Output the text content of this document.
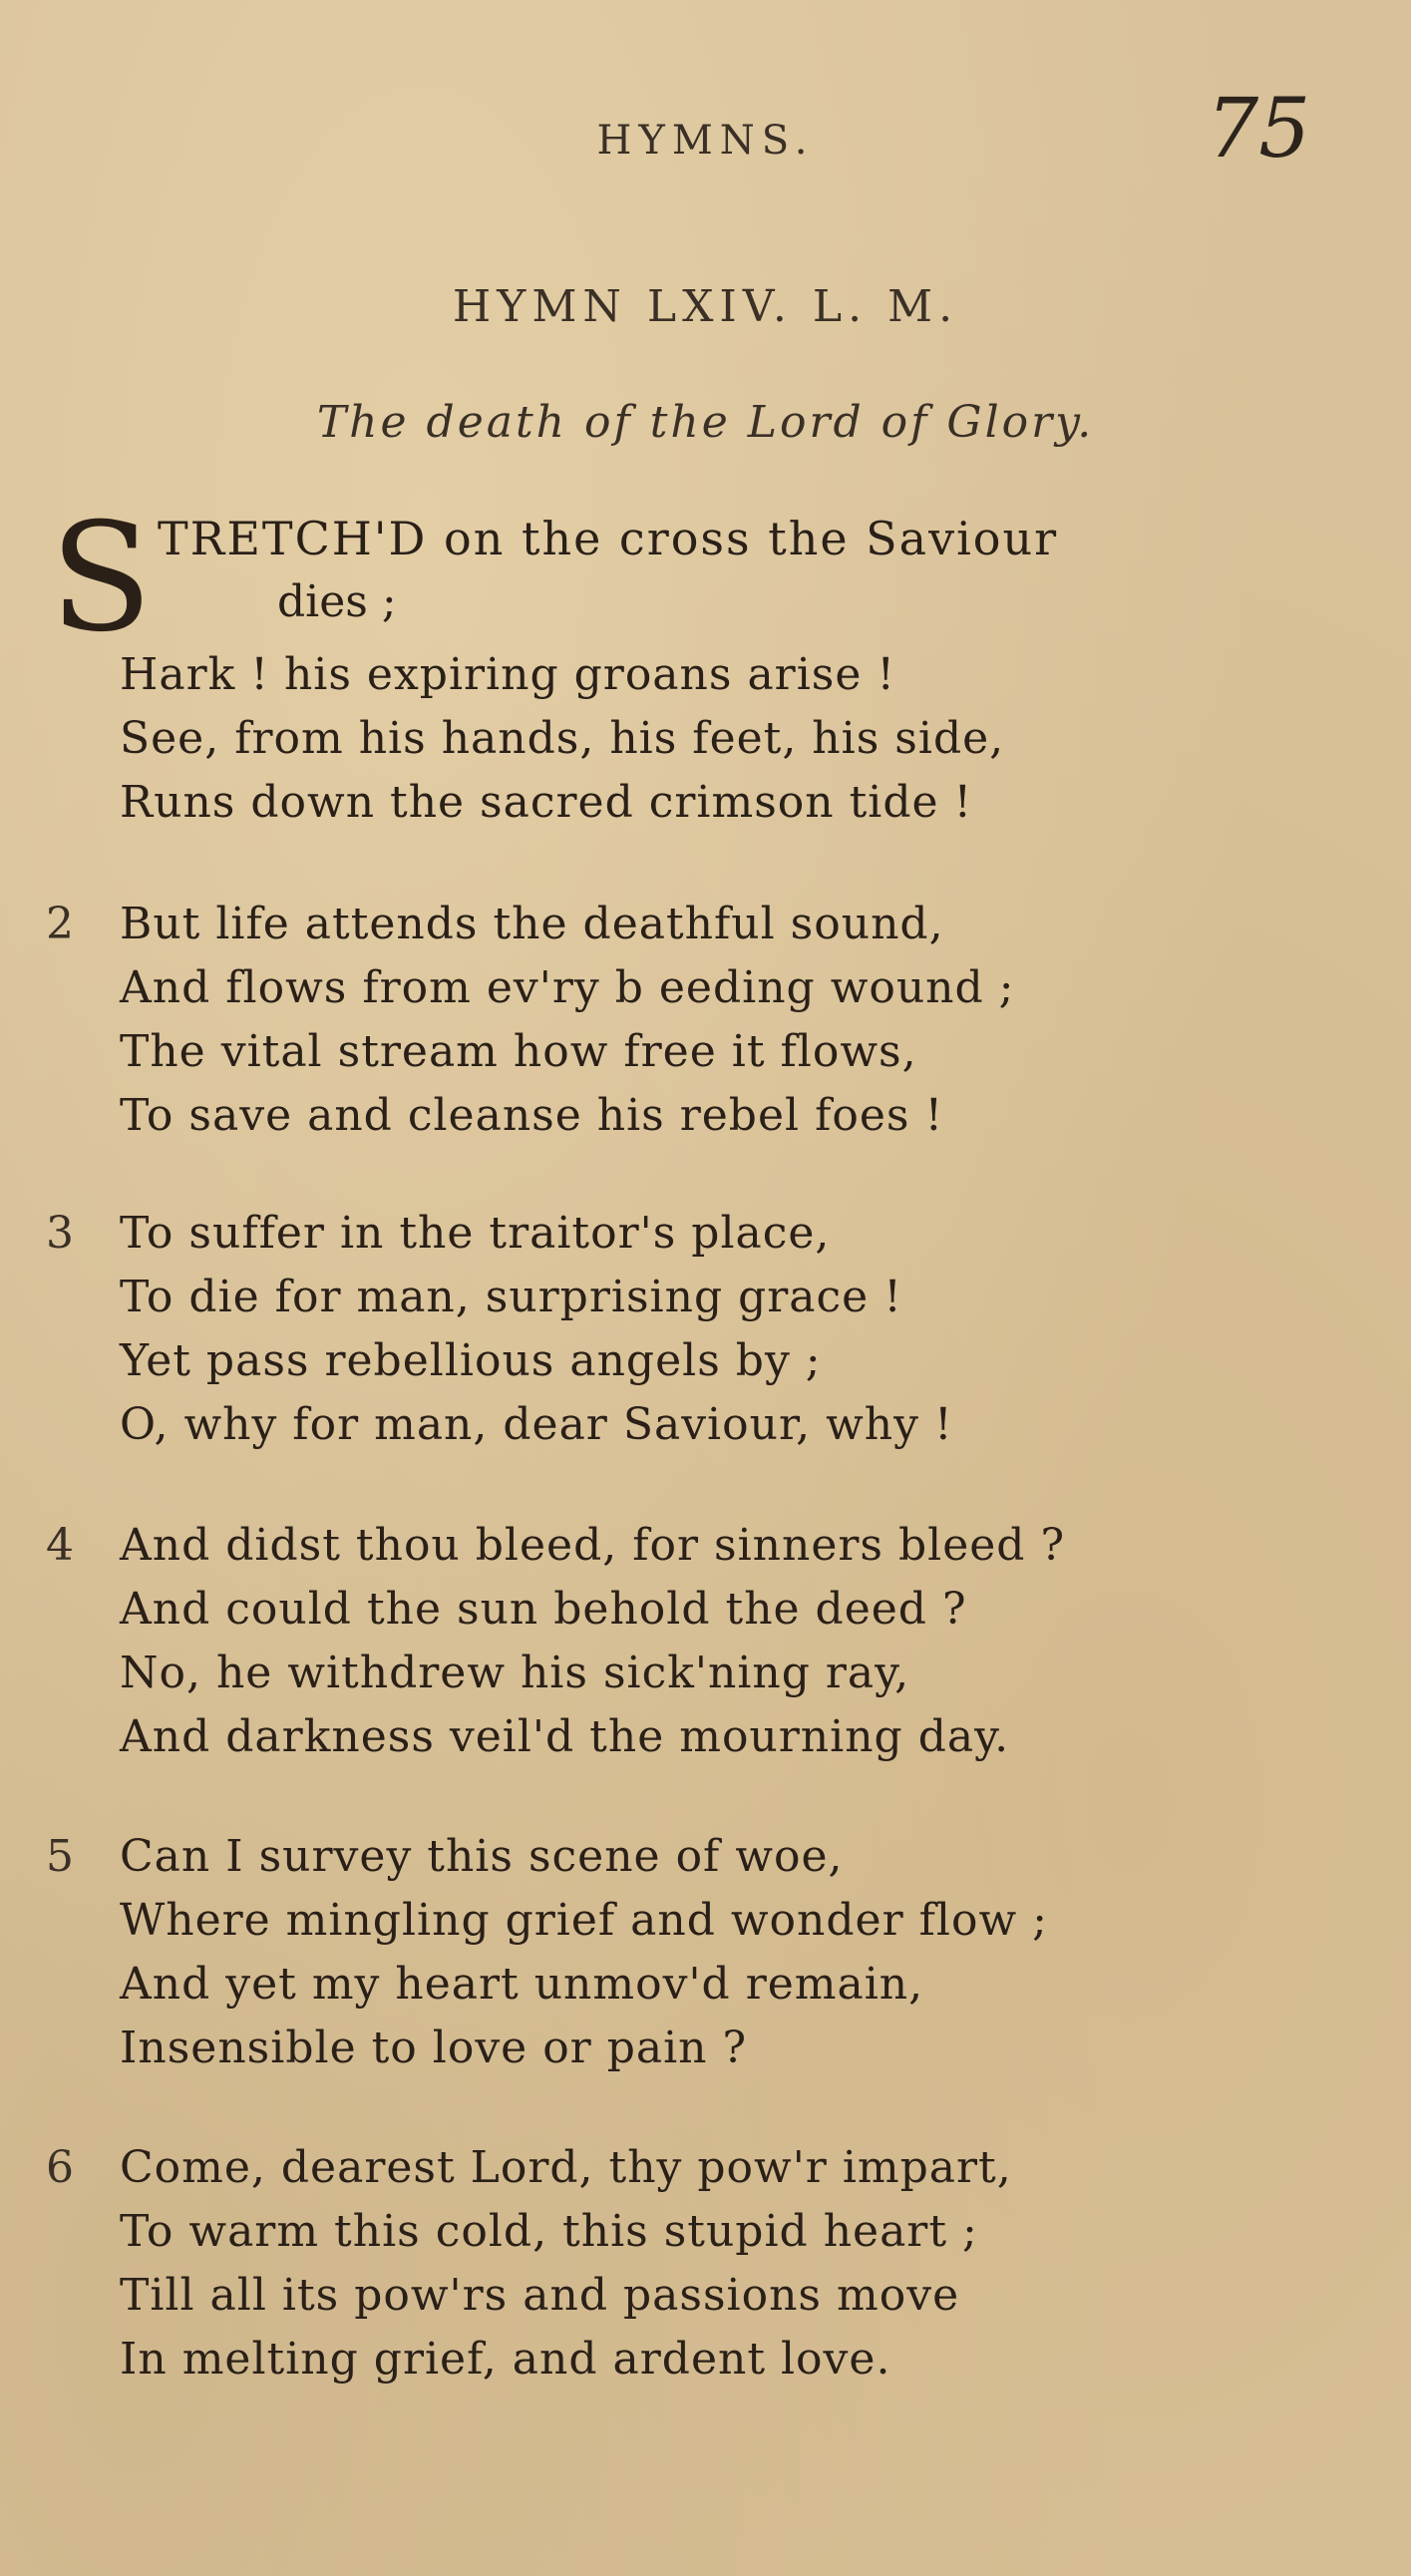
HYMNS.	75
HYMN LXIV. L. M.
The death of the Lord of Glory.
S TRETCH'D on the cross the Saviour
dies ;
Hark ! his expiring groans arise !
See, from his hands, his feet, his side,
Runs down the sacred crimson tide !
2 But life attends the deathful sound,
And flows from ev'ry b eeding wound ;
The vital stream how free it flows,
To save and cleanse his rebel foes !
3 To suffer in the traitor's place,
To die for man, surprising grace !
Yet pass rebellious angels by ;
O, why for man, dear Saviour, why !
4 And didst thou bleed, for sinners bleed ?
And could the sun behold the deed ?
No, he withdrew his sick'ning ray,
And darkness veil'd the mourning day.
5 Can I survey this scene of woe,
Where mingling grief and wonder flow ;
And yet my heart unmov'd remain,
Insensible to love or pain ?
6 Come, dearest Lord, thy pow'r impart,
To warm this cold, this stupid heart ;
Till all its pow'rs and passions move
In melting grief, and ardent love.
